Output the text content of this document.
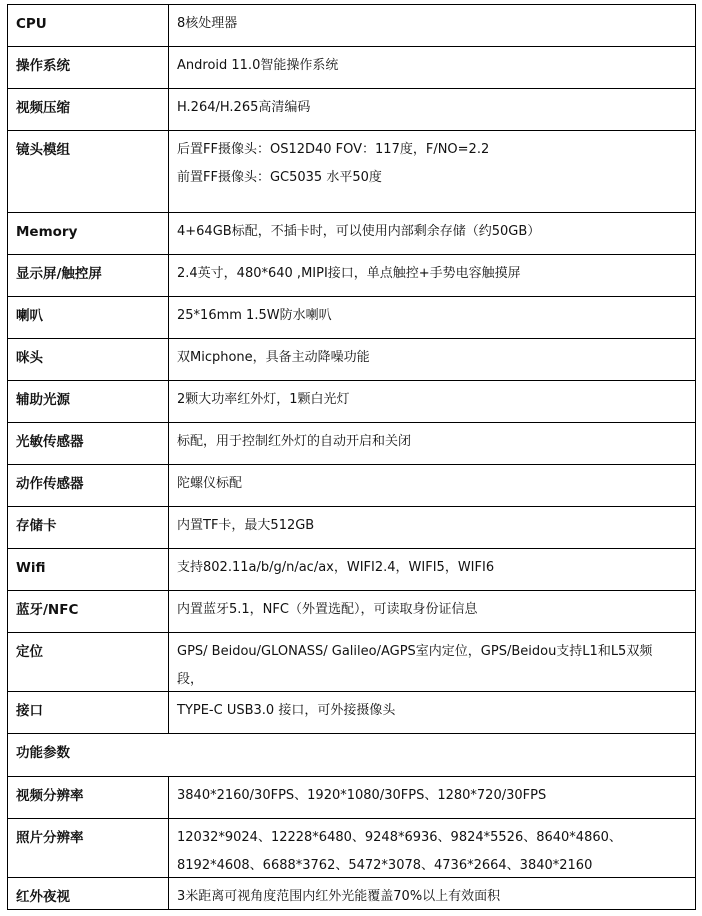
CPU	8核处理器

操作系统	Android 11.0智能操作系统

视频压缩	H.264/H.265高清编码

镜头模组	后置FF摄像头：OS12D40 FOV：117度，F/NO=2.2
前置FF摄像头：GC5035 水平50度

Memory	4+64GB标配，不插卡时，可以使用内部剩余存储（约50GB）

显示屏/触控屏	2.4英寸，480*640 ,MIPI接口，单点触控+手势电容触摸屏

喇叭	25*16mm 1.5W防水喇叭

咪头	双Micphone，具备主动降噪功能

辅助光源	2颗大功率红外灯，1颗白光灯

光敏传感器	标配，用于控制红外灯的自动开启和关闭

动作传感器	陀螺仪标配

存储卡	内置TF卡，最大512GB

Wifi	支持802.11a/b/g/n/ac/ax，WIFI2.4，WIFI5，WIFI6

蓝牙/NFC	内置蓝牙5.1，NFC（外置选配），可读取身份证信息

定位	GPS/ Beidou/GLONASS/ Galileo/AGPS室内定位，GPS/Beidou支持L1和L5双频
段，

接口	TYPE-C USB3.0 接口，可外接摄像头

功能参数	
视频分辨率	3840*2160/30FPS、1920*1080/30FPS、1280*720/30FPS

照片分辨率	12032*9024、12228*6480、9248*6936、9824*5526、8640*4860、
8192*4608、6688*3762、5472*3078、4736*2664、3840*2160

红外夜视	3米距离可视角度范围内红外光能覆盖70%以上有效面积
